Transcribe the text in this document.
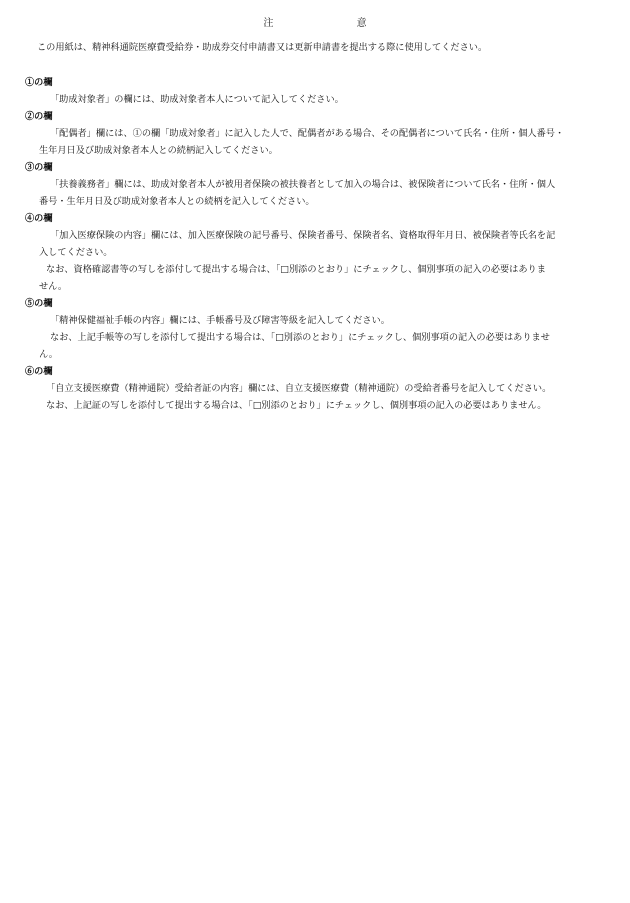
注	意
この用紙は、精神科通院医療費受給券・助成券交付申請書又は更新申請書を提出する際に使用してください。
①の欄
「助成対象者」の欄には、助成対象者本人について記入してください。
②の欄
「配偶者」欄には、①の欄「助成対象者」に記入した人で、配偶者がある場合、その配偶者について氏名・住所・個人番号・
生年月日及び助成対象者本人との続柄記入してください。
③の欄
「扶養義務者」欄には、助成対象者本人が被用者保険の被扶養者として加入の場合は、被保険者について氏名・住所・個人
番号・生年月日及び助成対象者本人との続柄を記入してください。
④の欄
「加入医療保険の内容」欄には、加入医療保険の記号番号、保険者番号、保険者名、資格取得年月日、被保険者等氏名を記
入してください。
なお、資格確認書等の写しを添付して提出する場合は、「□別添のとおり」にチェックし、個別事項の記入の必要はありま
せん。
⑤の欄
「精神保健福祉手帳の内容」欄には、手帳番号及び障害等級を記入してください。
なお、上記手帳等の写しを添付して提出する場合は、「□別添のとおり」にチェックし、個別事項の記入の必要はありませ
ん。
⑥の欄
「自立支援医療費（精神通院）受給者証の内容」欄には、自立支援医療費（精神通院）の受給者番号を記入してください。
なお、上記証の写しを添付して提出する場合は、「□別添のとおり」にチェックし、個別事項の記入の必要はありません。
